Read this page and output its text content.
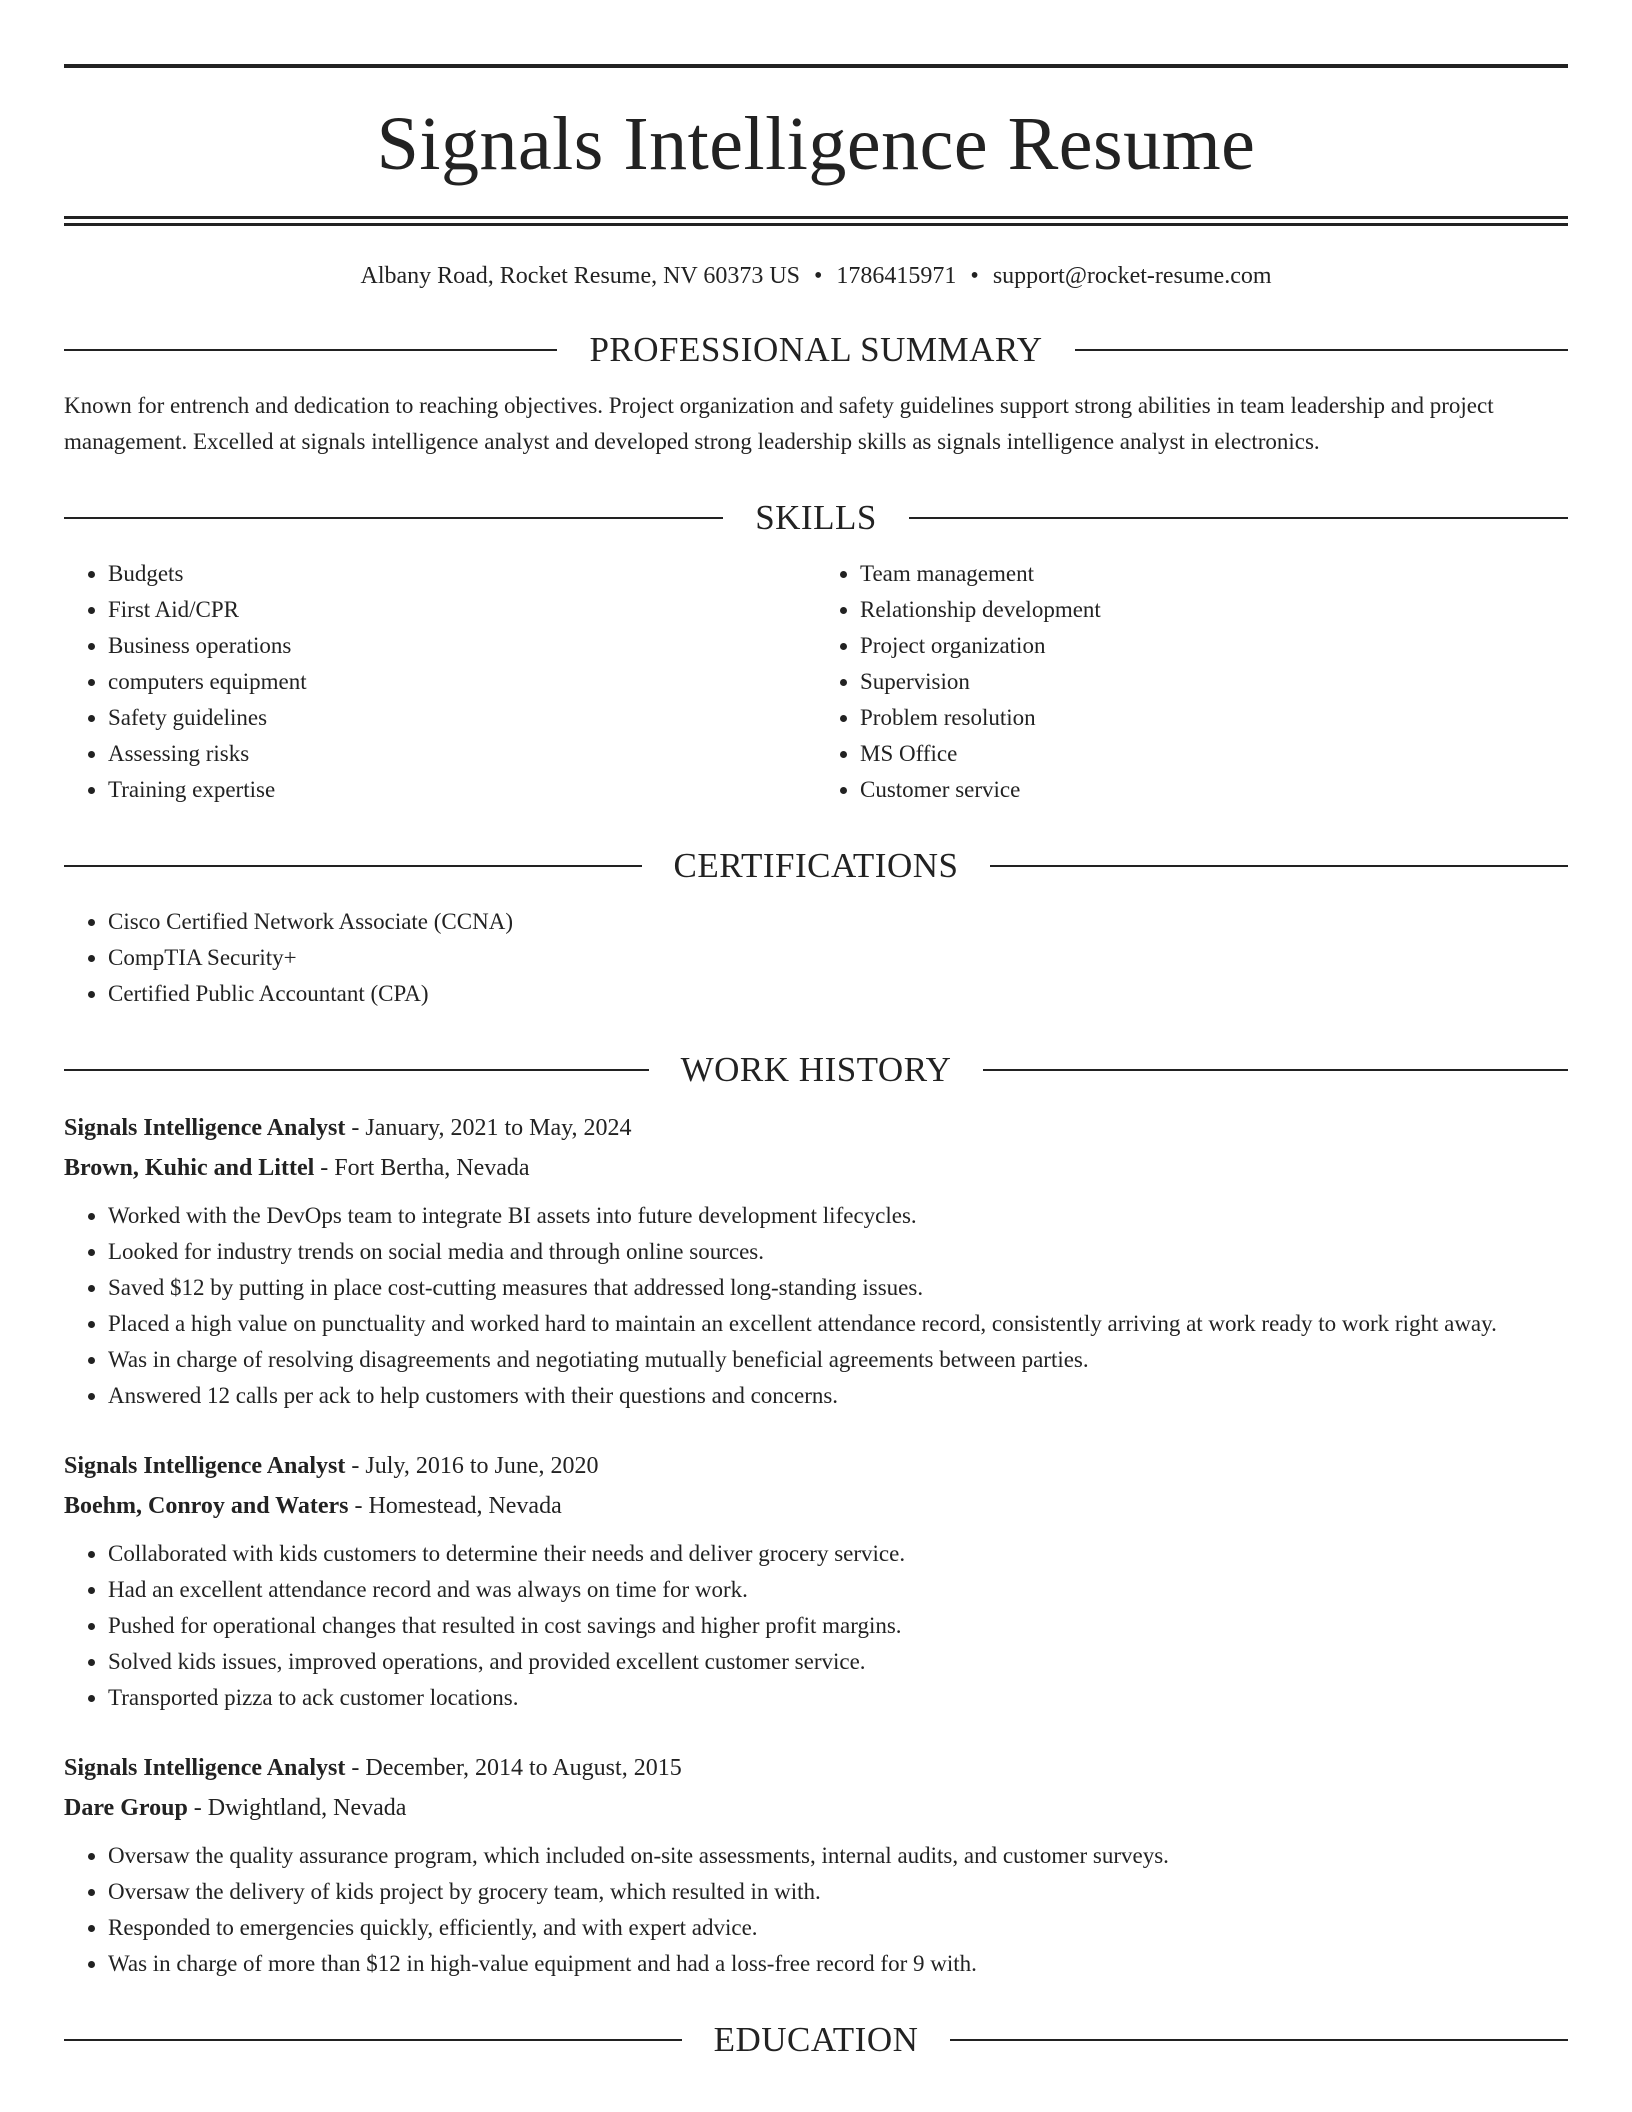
Signals Intelligence Resume
Albany Road, Rocket Resume, NV 60373 US • 1786415971 • support@rocket-resume.com
PROFESSIONAL SUMMARY

Known for entrench and dedication to reaching objectives. Project organization and safety guidelines support strong abilities in team leadership and project management. Excelled at signals intelligence analyst and developed strong leadership skills as signals intelligence analyst in electronics.

SKILLS
• Budgets
• First Aid/CPR
• Business operations
• computers equipment
• Safety guidelines
• Assessing risks
• Training expertise
• Team management
• Relationship development
• Project organization
• Supervision
• Problem resolution
• MS Office
• Customer service
CERTIFICATIONS
• Cisco Certified Network Associate (CCNA)
• CompTIA Security+
• Certified Public Accountant (CPA)
WORK HISTORY
Signals Intelligence Analyst - January, 2021 to May, 2024
Brown, Kuhic and Littel - Fort Bertha, Nevada
• Worked with the DevOps team to integrate BI assets into future development lifecycles.
• Looked for industry trends on social media and through online sources.
• Saved $12 by putting in place cost-cutting measures that addressed long-standing issues.
• Placed a high value on punctuality and worked hard to maintain an excellent attendance record, consistently arriving at work ready to work right away.
• Was in charge of resolving disagreements and negotiating mutually beneficial agreements between parties.
• Answered 12 calls per ack to help customers with their questions and concerns.
Signals Intelligence Analyst - July, 2016 to June, 2020
Boehm, Conroy and Waters - Homestead, Nevada
• Collaborated with kids customers to determine their needs and deliver grocery service.
• Had an excellent attendance record and was always on time for work.
• Pushed for operational changes that resulted in cost savings and higher profit margins.
• Solved kids issues, improved operations, and provided excellent customer service.
• Transported pizza to ack customer locations.
Signals Intelligence Analyst - December, 2014 to August, 2015
Dare Group - Dwightland, Nevada
• Oversaw the quality assurance program, which included on-site assessments, internal audits, and customer surveys.
• Oversaw the delivery of kids project by grocery team, which resulted in with.
• Responded to emergencies quickly, efficiently, and with expert advice.
• Was in charge of more than $12 in high-value equipment and had a loss-free record for 9 with.
EDUCATION
